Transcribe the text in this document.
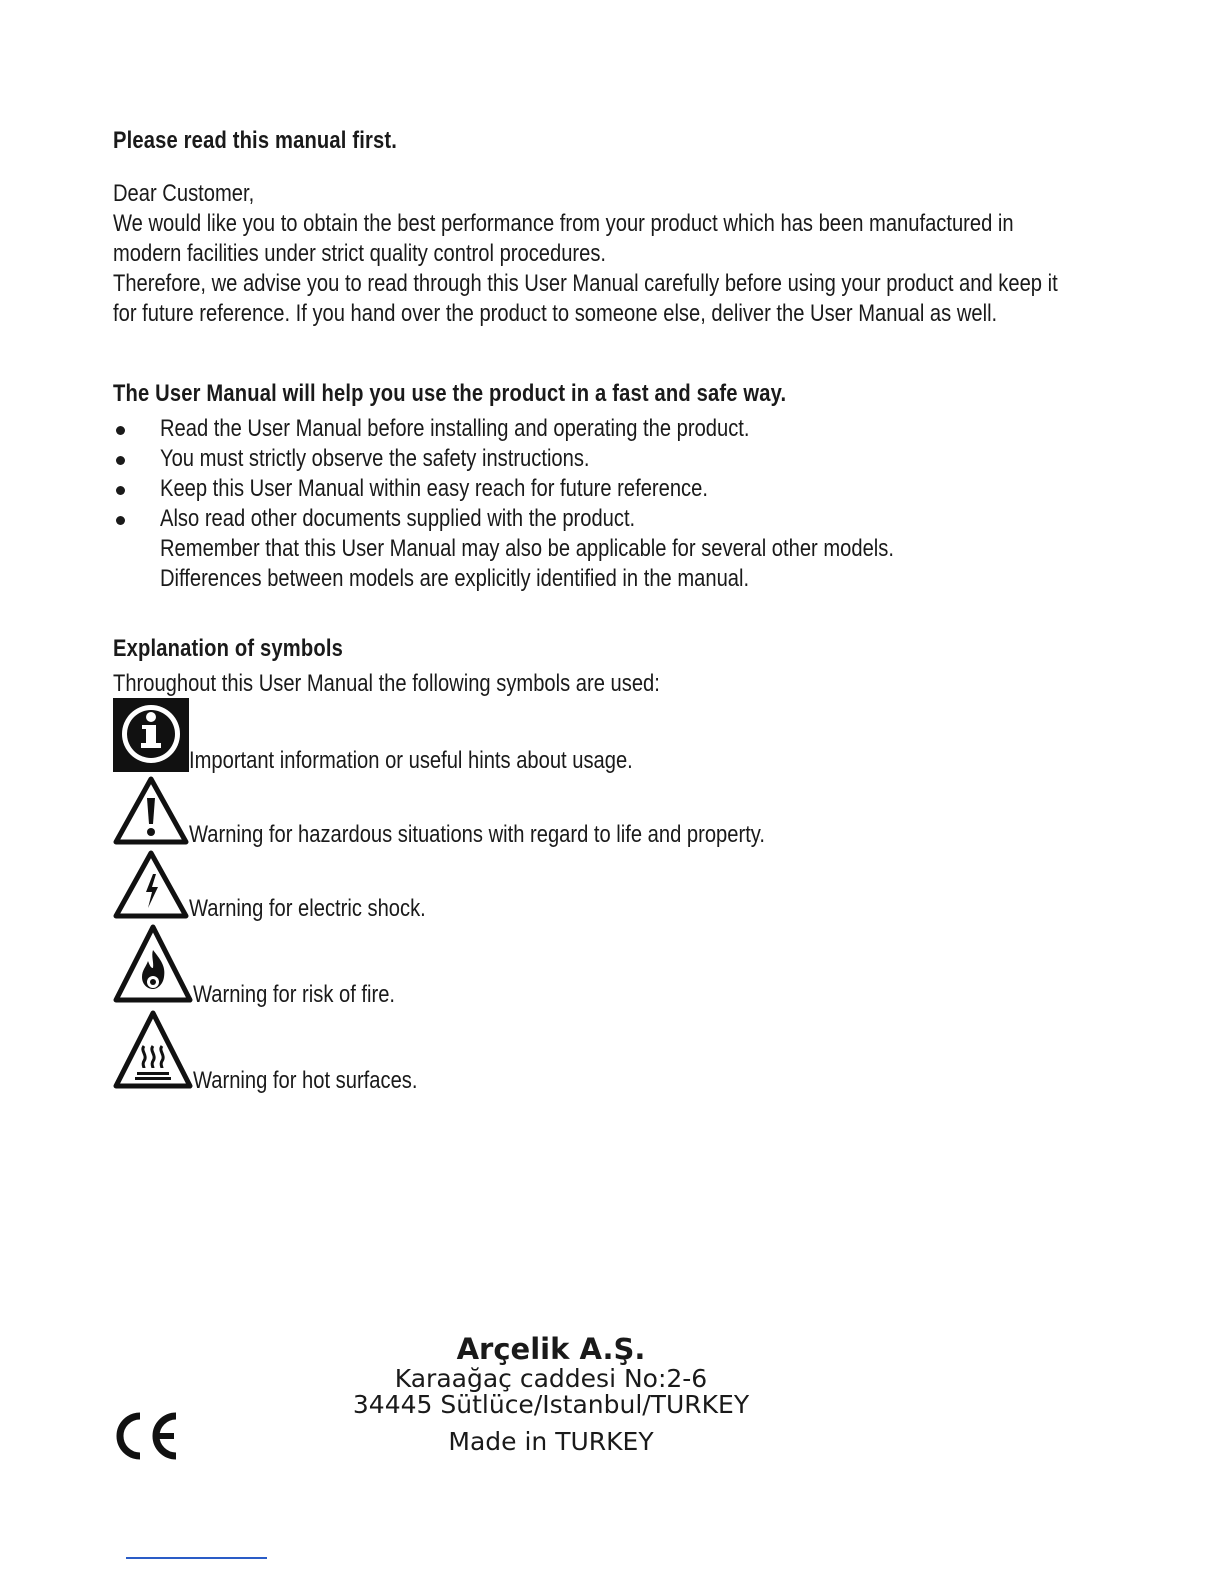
Please read this manual first.
Dear Customer,
We would like you to obtain the best performance from your product which has been manufactured in
modern facilities under strict quality control procedures.
Therefore, we advise you to read through this User Manual carefully before using your product and keep it
for future reference. If you hand over the product to someone else, deliver the User Manual as well.
The User Manual will help you use the product in a fast and safe way.
Read the User Manual before installing and operating the product.
You must strictly observe the safety instructions.
Keep this User Manual within easy reach for future reference.
Also read other documents supplied with the product.
Remember that this User Manual may also be applicable for several other models.
Differences between models are explicitly identified in the manual.
Explanation of symbols
Throughout this User Manual the following symbols are used:
Important information or useful hints about usage.
Warning for hazardous situations with regard to life and property.
Warning for electric shock.
Warning for risk of fire.
Warning for hot surfaces.
Arçelik A.Ş.
Karaağaç caddesi No:2-6
34445 Sütlüce/Istanbul/TURKEY
Made in TURKEY
